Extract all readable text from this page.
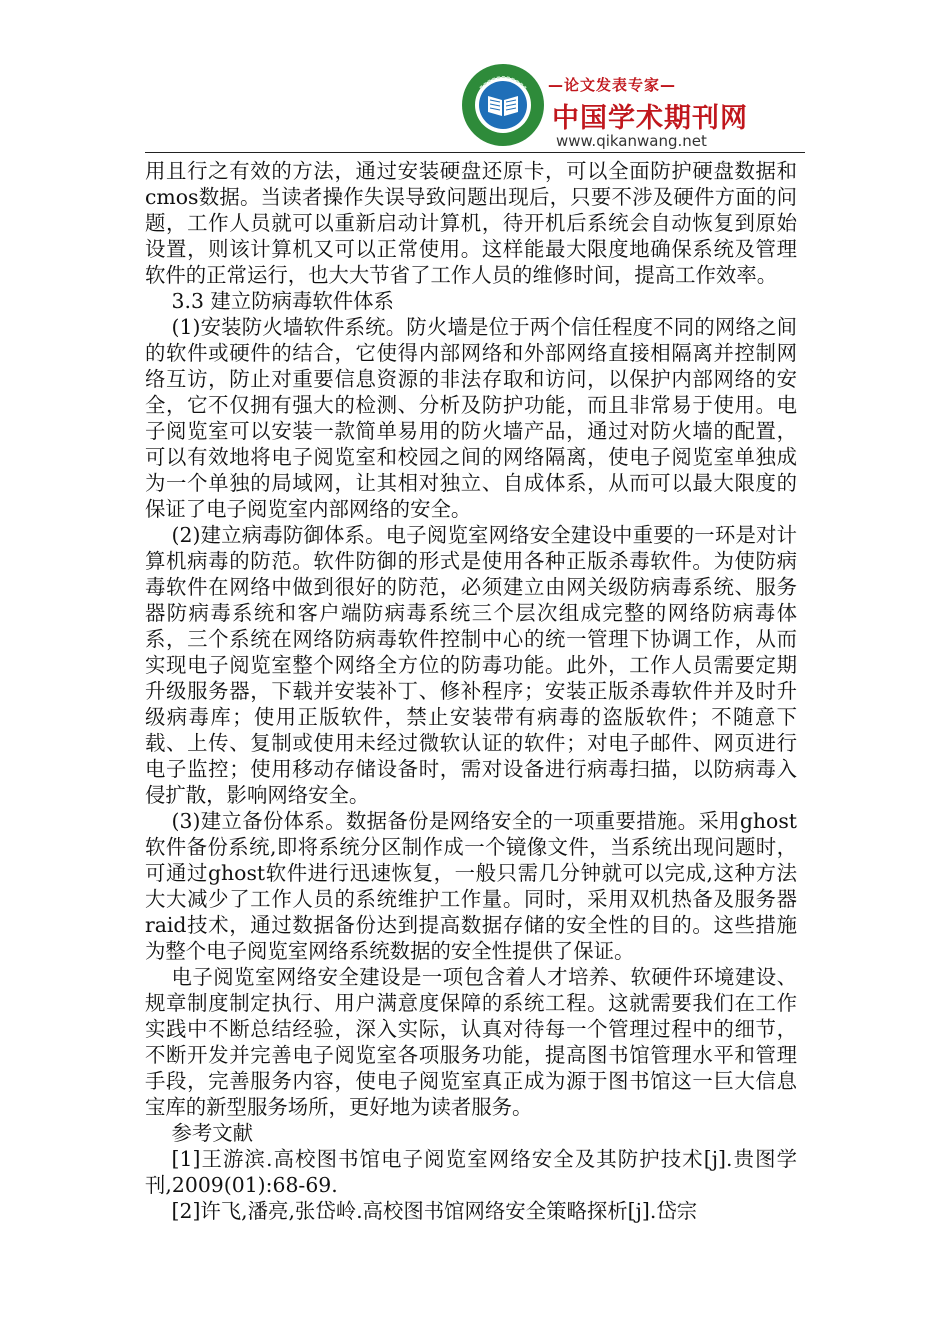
—论文发表专家—
中国学术期刊网
www.qikanwang.net

用且行之有效的方法，通过安装硬盘还原卡，可以全面防护硬盘数据和cmos数据。当读者操作失误导致问题出现后，只要不涉及硬件方面的问题，工作人员就可以重新启动计算机，待开机后系统会自动恢复到原始设置，则该计算机又可以正常使用。这样能最大限度地确保系统及管理软件的正常运行，也大大节省了工作人员的维修时间，提高工作效率。

3.3 建立防病毒软件体系

(1)安装防火墙软件系统。防火墙是位于两个信任程度不同的网络之间的软件或硬件的结合，它使得内部网络和外部网络直接相隔离并控制网络互访，防止对重要信息资源的非法存取和访问，以保护内部网络的安全，它不仅拥有强大的检测、分析及防护功能，而且非常易于使用。电子阅览室可以安装一款简单易用的防火墙产品，通过对防火墙的配置，可以有效地将电子阅览室和校园之间的网络隔离，使电子阅览室单独成为一个单独的局域网，让其相对独立、自成体系，从而可以最大限度的保证了电子阅览室内部网络的安全。

(2)建立病毒防御体系。电子阅览室网络安全建设中重要的一环是对计算机病毒的防范。软件防御的形式是使用各种正版杀毒软件。为使防病毒软件在网络中做到很好的防范，必须建立由网关级防病毒系统、服务器防病毒系统和客户端防病毒系统三个层次组成完整的网络防病毒体系，三个系统在网络防病毒软件控制中心的统一管理下协调工作，从而实现电子阅览室整个网络全方位的防毒功能。此外，工作人员需要定期升级服务器，下载并安装补丁、修补程序；安装正版杀毒软件并及时升级病毒库；使用正版软件，禁止安装带有病毒的盗版软件；不随意下载、上传、复制或使用未经过微软认证的软件；对电子邮件、网页进行电子监控；使用移动存储设备时，需对设备进行病毒扫描，以防病毒入侵扩散，影响网络安全。

(3)建立备份体系。数据备份是网络安全的一项重要措施。采用ghost软件备份系统,即将系统分区制作成一个镜像文件，当系统出现问题时，可通过ghost软件进行迅速恢复，一般只需几分钟就可以完成,这种方法大大减少了工作人员的系统维护工作量。同时，采用双机热备及服务器raid技术，通过数据备份达到提高数据存储的安全性的目的。这些措施为整个电子阅览室网络系统数据的安全性提供了保证。

电子阅览室网络安全建设是一项包含着人才培养、软硬件环境建设、规章制度制定执行、用户满意度保障的系统工程。这就需要我们在工作实践中不断总结经验，深入实际，认真对待每一个管理过程中的细节，不断开发并完善电子阅览室各项服务功能，提高图书馆管理水平和管理手段，完善服务内容，使电子阅览室真正成为源于图书馆这一巨大信息宝库的新型服务场所，更好地为读者服务。

参考文献

[1]王游滨.高校图书馆电子阅览室网络安全及其防护技术[j].贵图学刊,2009(01):68-69.

[2]许飞,潘亮,张岱岭.高校图书馆网络安全策略探析[j].岱宗
